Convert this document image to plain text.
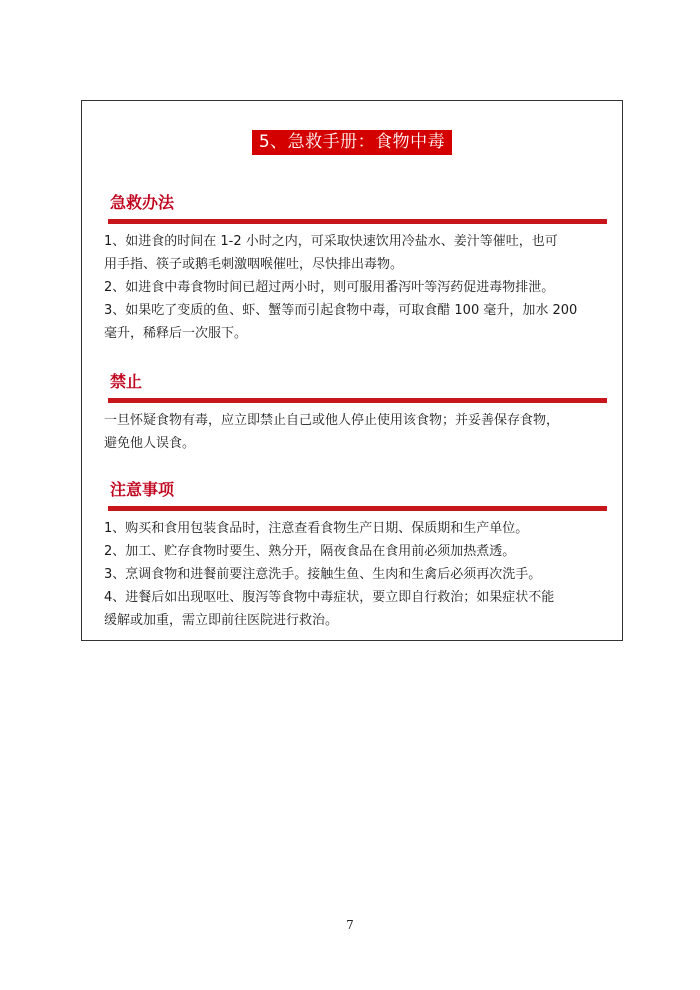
5、急救手册：食物中毒
急救办法

1、如进食的时间在 1-2 小时之内，可采取快速饮用冷盐水、姜汁等催吐，也可

用手指、筷子或鹅毛刺激咽喉催吐，尽快排出毒物。

2、如进食中毒食物时间已超过两小时，则可服用番泻叶等泻药促进毒物排泄。

3、如果吃了变质的鱼、虾、蟹等而引起食物中毒，可取食醋 100 毫升，加水 200

毫升，稀释后一次服下。

禁止

一旦怀疑食物有毒，应立即禁止自己或他人停止使用该食物；并妥善保存食物，

避免他人误食。

注意事项

1、购买和食用包装食品时，注意查看食物生产日期、保质期和生产单位。

2、加工、贮存食物时要生、熟分开，隔夜食品在食用前必须加热煮透。

3、烹调食物和进餐前要注意洗手。接触生鱼、生肉和生禽后必须再次洗手。

4、进餐后如出现呕吐、腹泻等食物中毒症状，要立即自行救治；如果症状不能

缓解或加重，需立即前往医院进行救治。

7
